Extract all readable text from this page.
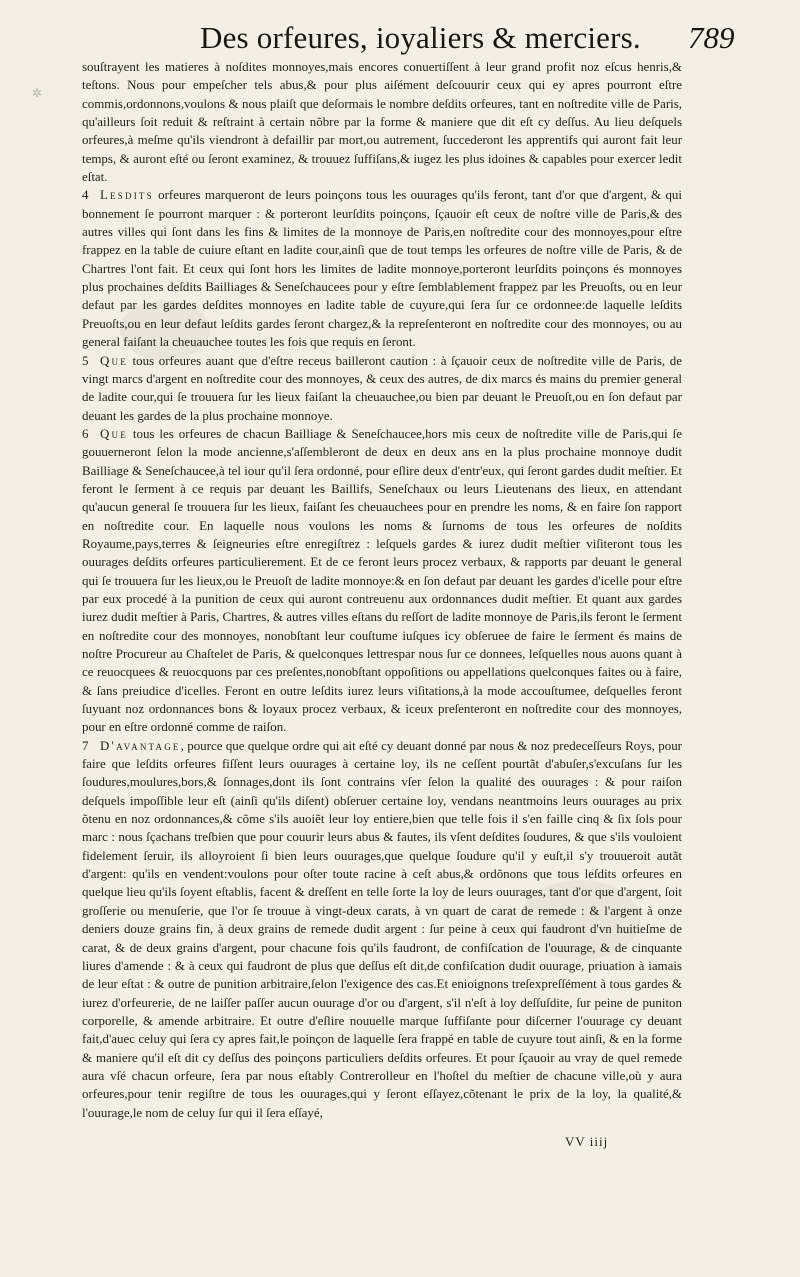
✲
Des orfeures, ioyaliers & merciers. 789

souſtrayent les matieres à noſdites monnoyes,mais encores conuertiſſent à leur grand profit noz eſcus henris,& teſtons. Nous pour empeſcher tels abus,& pour plus aiſément deſcouurir ceux qui ey apres pourront eſtre commis,ordonnons,voulons & nous plaiſt que deſormais le nombre deſdits orfeures, tant en noſtredite ville de Paris, qu'ailleurs ſoit reduit & reſtraint à certain nõbre par la forme & maniere que dit eſt cy deſſus. Au lieu deſquels orfeures,à meſme qu'ils viendront à defaillir par mort,ou autrement, ſuccederont les apprentifs qui auront fait leur temps, & auront eſté ou ſeront examinez, & trouuez ſuffiſans,& iugez les plus idoines & capables pour exercer ledit eſtat.

4 Lesdits orfeures marqueront de leurs poinçons tous les ouurages qu'ils feront, tant d'or que d'argent, & qui bonnement ſe pourront marquer : & porteront leurſdits poinçons, ſçauoir eſt ceux de noſtre ville de Paris,& des autres villes qui ſont dans les fins & limites de la monnoye de Paris,en noſtredite cour des monnoyes,pour eſtre frappez en la table de cuiure eſtant en ladite cour,ainſi que de tout temps les orfeures de noſtre ville de Paris, & de Chartres l'ont fait. Et ceux qui ſont hors les limites de ladite monnoye,porteront leurſdits poinçons és monnoyes plus prochaines deſdits Bailliages & Seneſchaucees pour y eſtre ſemblablement frappez par les Preuoſts, ou en leur defaut par les gardes deſdites monnoyes en ladite table de cuyure,qui ſera ſur ce ordonnee:de laquelle leſdits Preuoſts,ou en leur defaut leſdits gardes ſeront chargez,& la repreſenteront en noſtredite cour des monnoyes, ou au general faiſant la cheuauchee toutes les fois que requis en ſeront.

5 Que tous orfeures auant que d'eſtre receus bailleront caution : à ſçauoir ceux de noſtredite ville de Paris, de vingt marcs d'argent en noſtredite cour des monnoyes, & ceux des autres, de dix marcs és mains du premier general de ladite cour,qui ſe trouuera ſur les lieux faiſant la cheuauchee,ou bien par deuant le Preuoſt,ou en ſon defaut par deuant les gardes de la plus prochaine monnoye.

6 Que tous les orfeures de chacun Bailliage & Seneſchaucee,hors mis ceux de noſtredite ville de Paris,qui ſe gouuerneront ſelon la mode ancienne,s'aſſembleront de deux en deux ans en la plus prochaine monnoye dudit Bailliage & Seneſchaucee,à tel iour qu'il ſera ordonné, pour eſlire deux d'entr'eux, qui ſeront gardes dudit meſtier. Et feront le ſerment à ce requis par deuant les Baillifs, Seneſchaux ou leurs Lieutenans des lieux, en attendant qu'aucun general ſe trouuera ſur les lieux, faiſant ſes cheuauchees pour en prendre les noms, & en faire ſon rapport en noſtredite cour. En laquelle nous voulons les noms & ſurnoms de tous les orfeures de noſdits Royaume,pays,terres & ſeigneuries eſtre enregiſtrez : leſquels gardes & iurez dudit meſtier viſiteront tous les ouurages deſdits orfeures particulierement. Et de ce feront leurs procez verbaux, & rapports par deuant le general qui ſe trouuera ſur les lieux,ou le Preuoſt de ladite monnoye:& en ſon defaut par deuant les gardes d'icelle pour eſtre par eux procedé à la punition de ceux qui auront contreuenu aux ordonnances dudit meſtier. Et quant aux gardes iurez dudit meſtier à Paris, Chartres, & autres villes eſtans du reſſort de ladite monnoye de Paris,ils feront le ſerment en noſtredite cour des monnoyes, nonobſtant leur couſtume iuſques icy obſeruee de faire le ſerment és mains de noſtre Procureur au Chaſtelet de Paris, & quelconques lettrespar nous ſur ce donnees, leſquelles nous auons quant à ce reuocquees & reuocquons par ces preſentes,nonobſtant oppoſitions ou appellations quelconques faites ou à faire, & ſans preiudice d'icelles. Feront en outre leſdits iurez leurs viſitations,à la mode accouſtumee, deſquelles feront ſuyuant noz ordonnances bons & loyaux procez verbaux, & iceux preſenteront en noſtredite cour des monnoyes, pour en eſtre ordonné comme de raiſon.

7 D'avantage, pource que quelque ordre qui ait eſté cy deuant donné par nous & noz predeceſſeurs Roys, pour faire que leſdits orfeures fiſſent leurs ouurages à certaine loy, ils ne ceſſent pourtãt d'abuſer,s'excuſans ſur les ſoudures,moulures,bors,& ſonnages,dont ils ſont contrains vſer ſelon la qualité des ouurages : & pour raiſon deſquels impoſſible leur eſt (ainſi qu'ils diſent) obſeruer certaine loy, vendans neantmoins leurs ouurages au prix õtenu en noz ordonnances,& cõme s'ils auoiẽt leur loy entiere,bien que telle fois il s'en faille cinq & ſix ſols pour marc : nous ſçachans treſbien que pour couurir leurs abus & fautes, ils vſent deſdites ſoudures, & que s'ils vouloient fidelement ſeruir, ils alloyroient ſi bien leurs ouurages,que quelque ſoudure qu'il y euſt,il s'y trouueroit autãt d'argent: qu'ils en vendent:voulons pour oſter toute racine à ceſt abus,& ordõnons que tous leſdits orfeures en quelque lieu qu'ils ſoyent eſtablis, facent & dreſſent en telle ſorte la loy de leurs ouurages, tant d'or que d'argent, ſoit groſſerie ou menuſerie, que l'or ſe trouue à vingt-deux carats, à vn quart de carat de remede : & l'argent à onze deniers douze grains fin, à deux grains de remede dudit argent : ſur peine à ceux qui faudront d'vn huitieſme de carat, & de deux grains d'argent, pour chacune fois qu'ils faudront, de confiſcation de l'ouurage, & de cinquante liures d'amende : & à ceux qui faudront de plus que deſſus eſt dit,de confiſcation dudit ouurage, priuation à iamais de leur eſtat : & outre de punition arbitraire,ſelon l'exigence des cas.Et enioignons treſexpreſſément à tous gardes & iurez d'orfeurerie, de ne laiſſer paſſer aucun ouurage d'or ou d'argent, s'il n'eſt à loy deſſuſdite, ſur peine de puniton corporelle, & amende arbitraire. Et outre d'eſlire nouuelle marque ſuffiſante pour diſcerner l'ouurage cy deuant fait,d'auec celuy qui ſera cy apres fait,le poinçon de laquelle ſera frappé en table de cuyure tout ainſi, & en la forme & maniere qu'il eſt dit cy deſſus des poinçons particuliers deſdits orfeures. Et pour ſçauoir au vray de quel remede aura vſé chacun orfeure, ſera par nous eſtably Contrerolleur en l'hoſtel du meſtier de chacune ville,où y aura orfeures,pour tenir regiſtre de tous les ouurages,qui y ſeront eſſayez,cõtenant le prix de la loy, la qualité,& l'ouurage,le nom de celuy ſur qui il ſera eſſayé,

VV iiij
